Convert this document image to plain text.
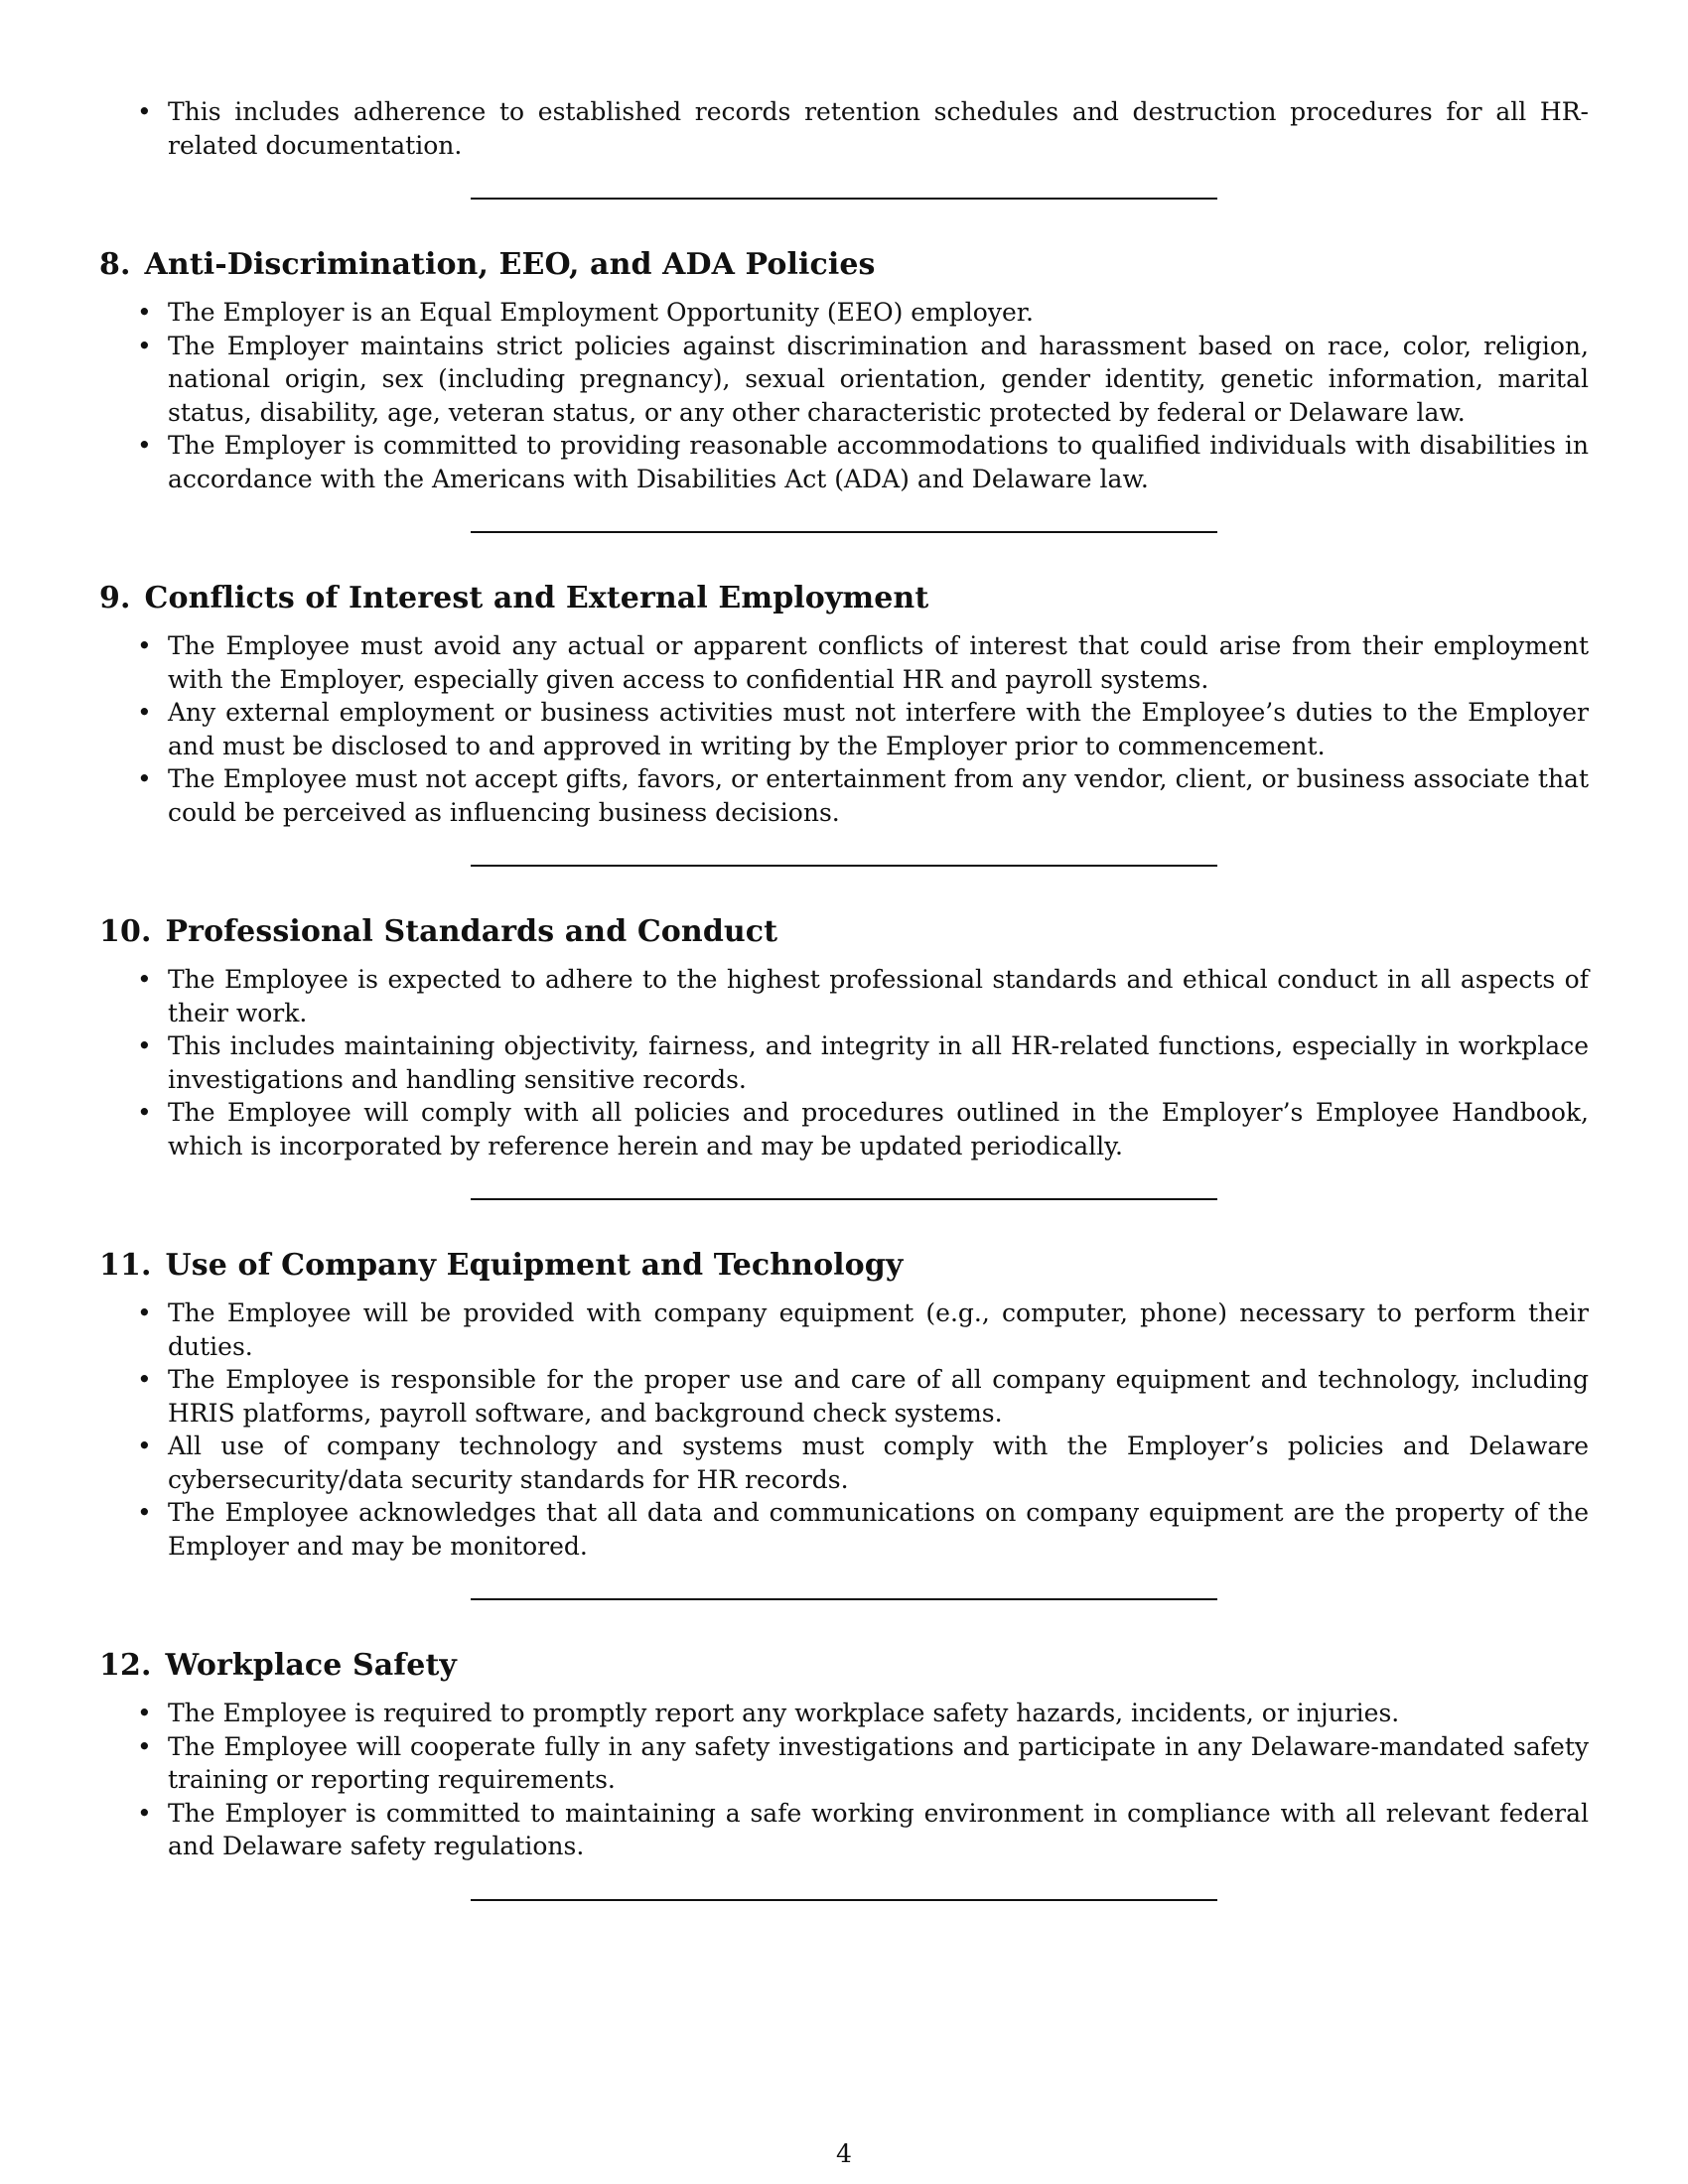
• This includes adherence to established records retention schedules and destruction procedures for all HR-related documentation.
8. Anti-Discrimination, EEO, and ADA Policies
• The Employer is an Equal Employment Opportunity (EEO) employer.
• The Employer maintains strict policies against discrimination and harassment based on race, color, religion, national origin, sex (including pregnancy), sexual orientation, gender identity, genetic information, marital status, disability, age, veteran status, or any other characteristic protected by federal or Delaware law.
• The Employer is committed to providing reasonable accommodations to qualified individuals with disabilities in accordance with the Americans with Disabilities Act (ADA) and Delaware law.
9. Conflicts of Interest and External Employment
• The Employee must avoid any actual or apparent conflicts of interest that could arise from their employment with the Employer, especially given access to confidential HR and payroll systems.
• Any external employment or business activities must not interfere with the Employee’s duties to the Employer and must be disclosed to and approved in writing by the Employer prior to commencement.
• The Employee must not accept gifts, favors, or entertainment from any vendor, client, or business associate that could be perceived as influencing business decisions.
10. Professional Standards and Conduct
• The Employee is expected to adhere to the highest professional standards and ethical conduct in all aspects of their work.
• This includes maintaining objectivity, fairness, and integrity in all HR-related functions, especially in workplace investigations and handling sensitive records.
• The Employee will comply with all policies and procedures outlined in the Employer’s Employee Handbook, which is incorporated by reference herein and may be updated periodically.
11. Use of Company Equipment and Technology
• The Employee will be provided with company equipment (e.g., computer, phone) necessary to perform their duties.
• The Employee is responsible for the proper use and care of all company equipment and technology, including HRIS platforms, payroll software, and background check systems.
• All use of company technology and systems must comply with the Employer’s policies and Delaware cybersecurity/data security standards for HR records.
• The Employee acknowledges that all data and communications on company equipment are the property of the Employer and may be monitored.
12. Workplace Safety
• The Employee is required to promptly report any workplace safety hazards, incidents, or injuries.
• The Employee will cooperate fully in any safety investigations and participate in any Delaware-mandated safety training or reporting requirements.
• The Employer is committed to maintaining a safe working environment in compliance with all relevant federal and Delaware safety regulations.
4
